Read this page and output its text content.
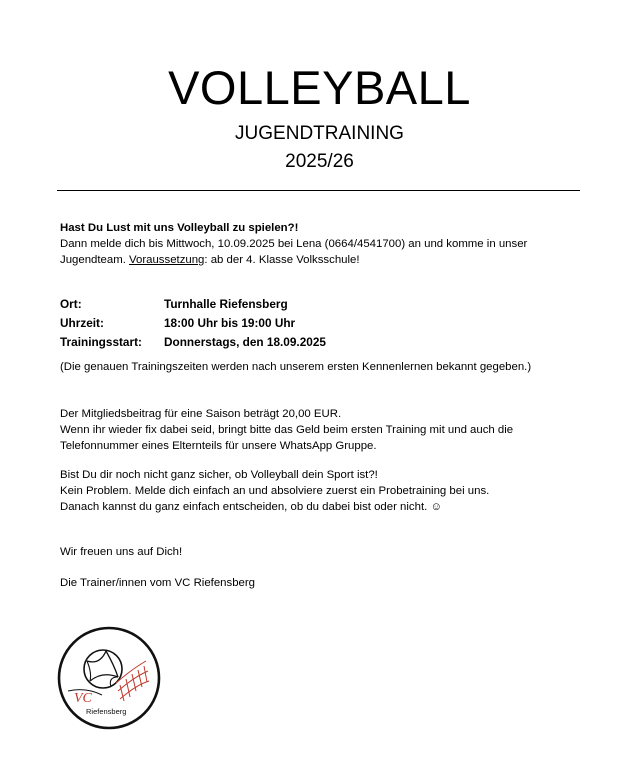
VOLLEYBALL
JUGENDTRAINING
2025/26
Hast Du Lust mit uns Volleyball zu spielen?!
Dann melde dich bis Mittwoch, 10.09.2025 bei Lena (0664/4541700) an und komme in unser
Jugendteam. Voraussetzung: ab der 4. Klasse Volksschule!
Ort:	Turnhalle Riefensberg
Uhrzeit:	18:00 Uhr bis 19:00 Uhr
Trainingsstart: Donnerstags, den 18.09.2025
(Die genauen Trainingszeiten werden nach unserem ersten Kennenlernen bekannt gegeben.)
Der Mitgliedsbeitrag für eine Saison beträgt 20,00 EUR.
Wenn ihr wieder fix dabei seid, bringt bitte das Geld beim ersten Training mit und auch die
Telefonnummer eines Elternteils für unsere WhatsApp Gruppe.
Bist Du dir noch nicht ganz sicher, ob Volleyball dein Sport ist?!
Kein Problem. Melde dich einfach an und absolviere zuerst ein Probetraining bei uns.
Danach kannst du ganz einfach entscheiden, ob du dabei bist oder nicht. ☺
Wir freuen uns auf Dich!
Die Trainer/innen vom VC Riefensberg
VC
Riefensberg
